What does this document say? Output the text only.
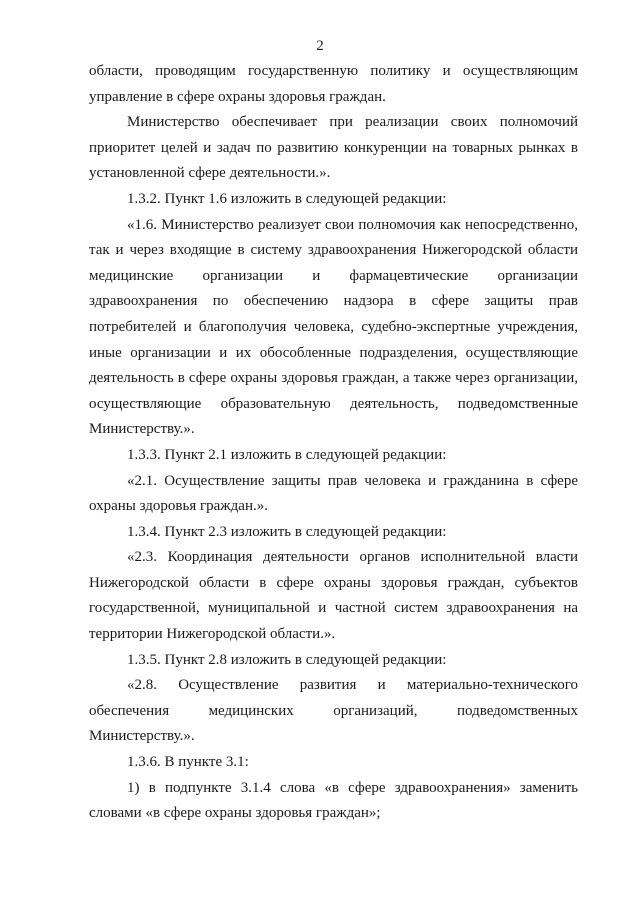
2

области, проводящим государственную политику и осуществляющим управление в сфере охраны здоровья граждан.

Министерство обеспечивает при реализации своих полномочий приоритет целей и задач по развитию конкуренции на товарных рынках в установленной сфере деятельности.».

1.3.2. Пункт 1.6 изложить в следующей редакции:

«1.6. Министерство реализует свои полномочия как непосредственно, так и через входящие в систему здравоохранения Нижегородской области медицинские организации и фармацевтические организации здравоохранения по обеспечению надзора в сфере защиты прав потребителей и благополучия человека, судебно-экспертные учреждения, иные организации и их обособленные подразделения, осуществляющие деятельность в сфере охраны здоровья граждан, а также через организации, осуществляющие образовательную деятельность, подведомственные Министерству.».

1.3.3. Пункт 2.1 изложить в следующей редакции:

«2.1. Осуществление защиты прав человека и гражданина в сфере охраны здоровья граждан.».

1.3.4. Пункт 2.3 изложить в следующей редакции:

«2.3. Координация деятельности органов исполнительной власти Нижегородской области в сфере охраны здоровья граждан, субъектов государственной, муниципальной и частной систем здравоохранения на территории Нижегородской области.».

1.3.5. Пункт 2.8 изложить в следующей редакции:

«2.8. Осуществление развития и материально-технического обеспечения медицинских организаций, подведомственных Министерству.».

1.3.6. В пункте 3.1:

1) в подпункте 3.1.4 слова «в сфере здравоохранения» заменить словами «в сфере охраны здоровья граждан»;
